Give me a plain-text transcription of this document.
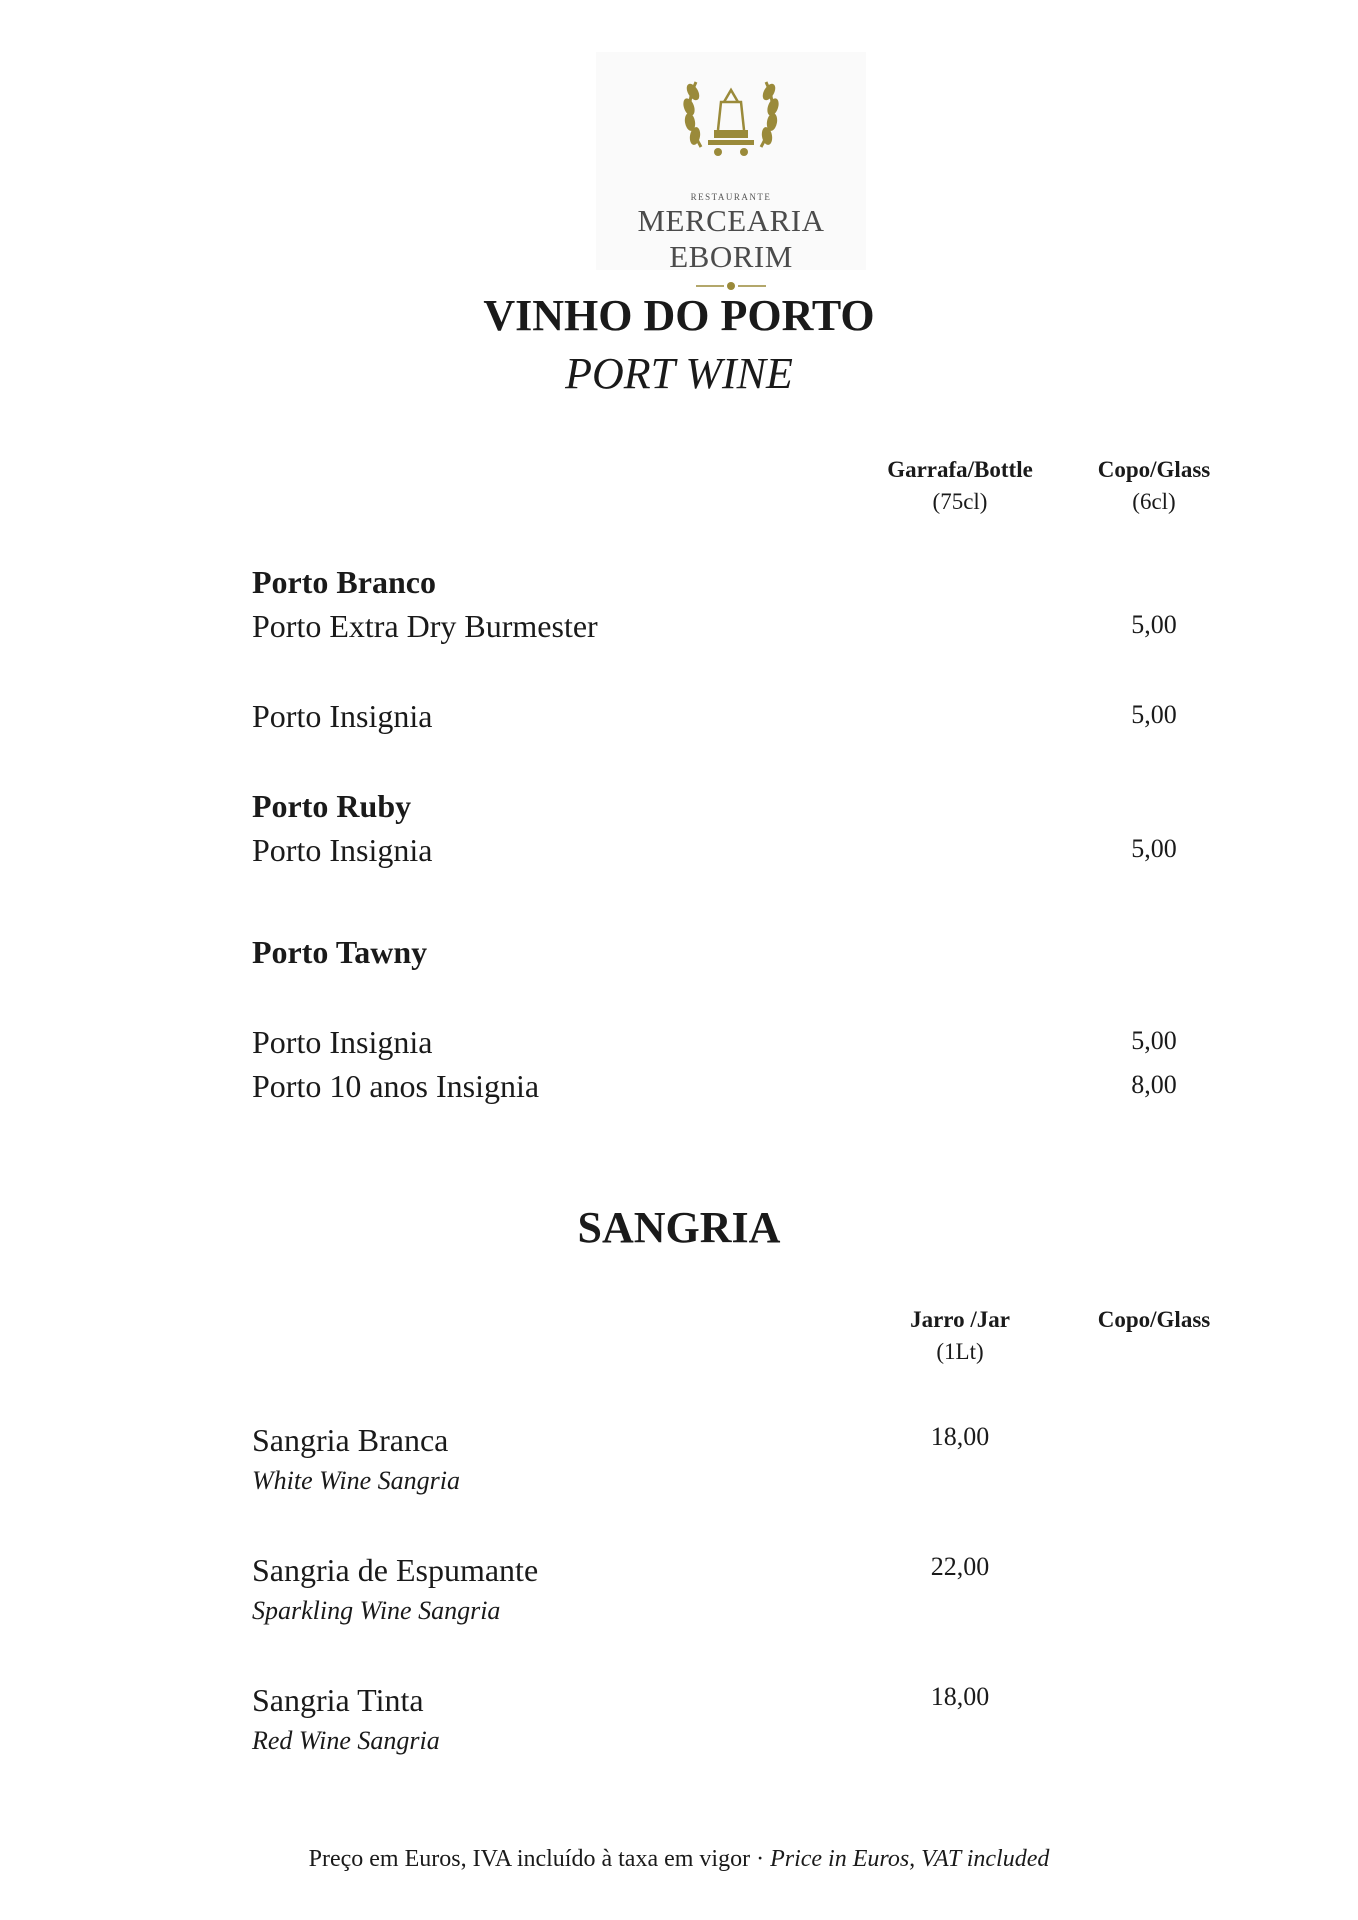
RESTAURANTE
MERCEARIA
EBORIM
VINHO DO PORTO
PORT WINE
Garrafa/Bottle
(75cl)
Copo/Glass
(6cl)
Porto Branco
Porto Extra Dry Burmester	5,00
Porto Insignia	5,00
Porto Ruby
Porto Insignia	5,00
Porto Tawny
Porto Insignia	5,00
Porto 10 anos Insignia	8,00
SANGRIA
Jarro /Jar
(1Lt)
Copo/Glass
Sangria Branca
White Wine Sangria
18,00
Sangria de Espumante
Sparkling Wine Sangria
22,00
Sangria Tinta
Red Wine Sangria
18,00
Preço em Euros, IVA incluído à taxa em vigor · Price in Euros, VAT included
